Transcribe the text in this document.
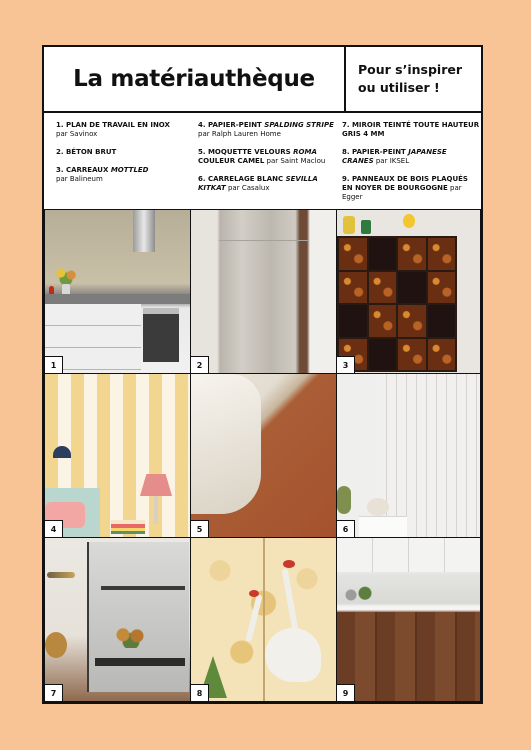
La matériauthèque	Pour s’inspirer
ou utiliser !
1. PLAN DE TRAVAIL EN INOX
par Savinox
2. BÉTON BRUT
3. CARREAUX MOTTLED
par Balineum
4. PAPIER-PEINT SPALDING STRIPE
par Ralph Lauren Home
5. MOQUETTE VELOURS ROMA
COULEUR CAMEL par Saint Maclou
6. CARRELAGE BLANC SEVILLA KITKAT par Casalux
7. MIROIR TEINTÉ TOUTE HAUTEUR GRIS 4 MM
8. PAPIER-PEINT JAPANESE CRANES par IKSEL
9. PANNEAUX DE BOIS PLAQUÉS EN NOYER DE BOURGOGNE par Egger
1	2	3
4	5	6
7	8	9
